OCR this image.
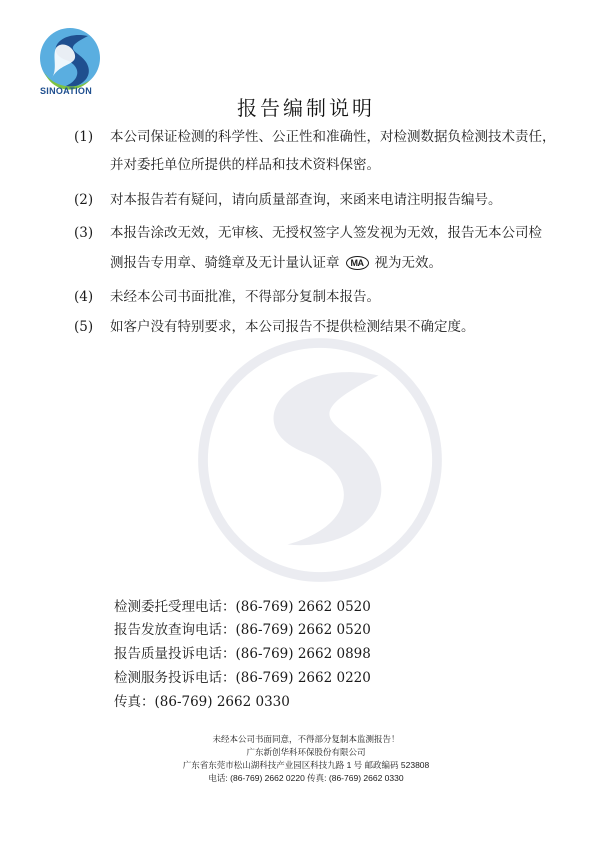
SINOATION
报告编制说明
(1)	本公司保证检测的科学性、公正性和准确性，对检测数据负检测技术责任，
并对委托单位所提供的样品和技术资料保密。
(2)	对本报告若有疑问，请向质量部查询，来函来电请注明报告编号。
(3)	本报告涂改无效，无审核、无授权签字人签发视为无效，报告无本公司检
测报告专用章、骑缝章及无计量认证章 MA 视为无效。
(4)	未经本公司书面批准，不得部分复制本报告。
(5)	如客户没有特别要求，本公司报告不提供检测结果不确定度。
检测委托受理电话：(86-769) 2662 0520
报告发放查询电话：(86-769) 2662 0520
报告质量投诉电话：(86-769) 2662 0898
检测服务投诉电话：(86-769) 2662 0220
传真：(86-769) 2662 0330
未经本公司书面同意，不得部分复制本监测报告！
广东新创华科环保股份有限公司
广东省东莞市松山湖科技产业园区科技九路 1 号 邮政编码 523808
电话: (86-769) 2662 0220 传真: (86-769) 2662 0330
